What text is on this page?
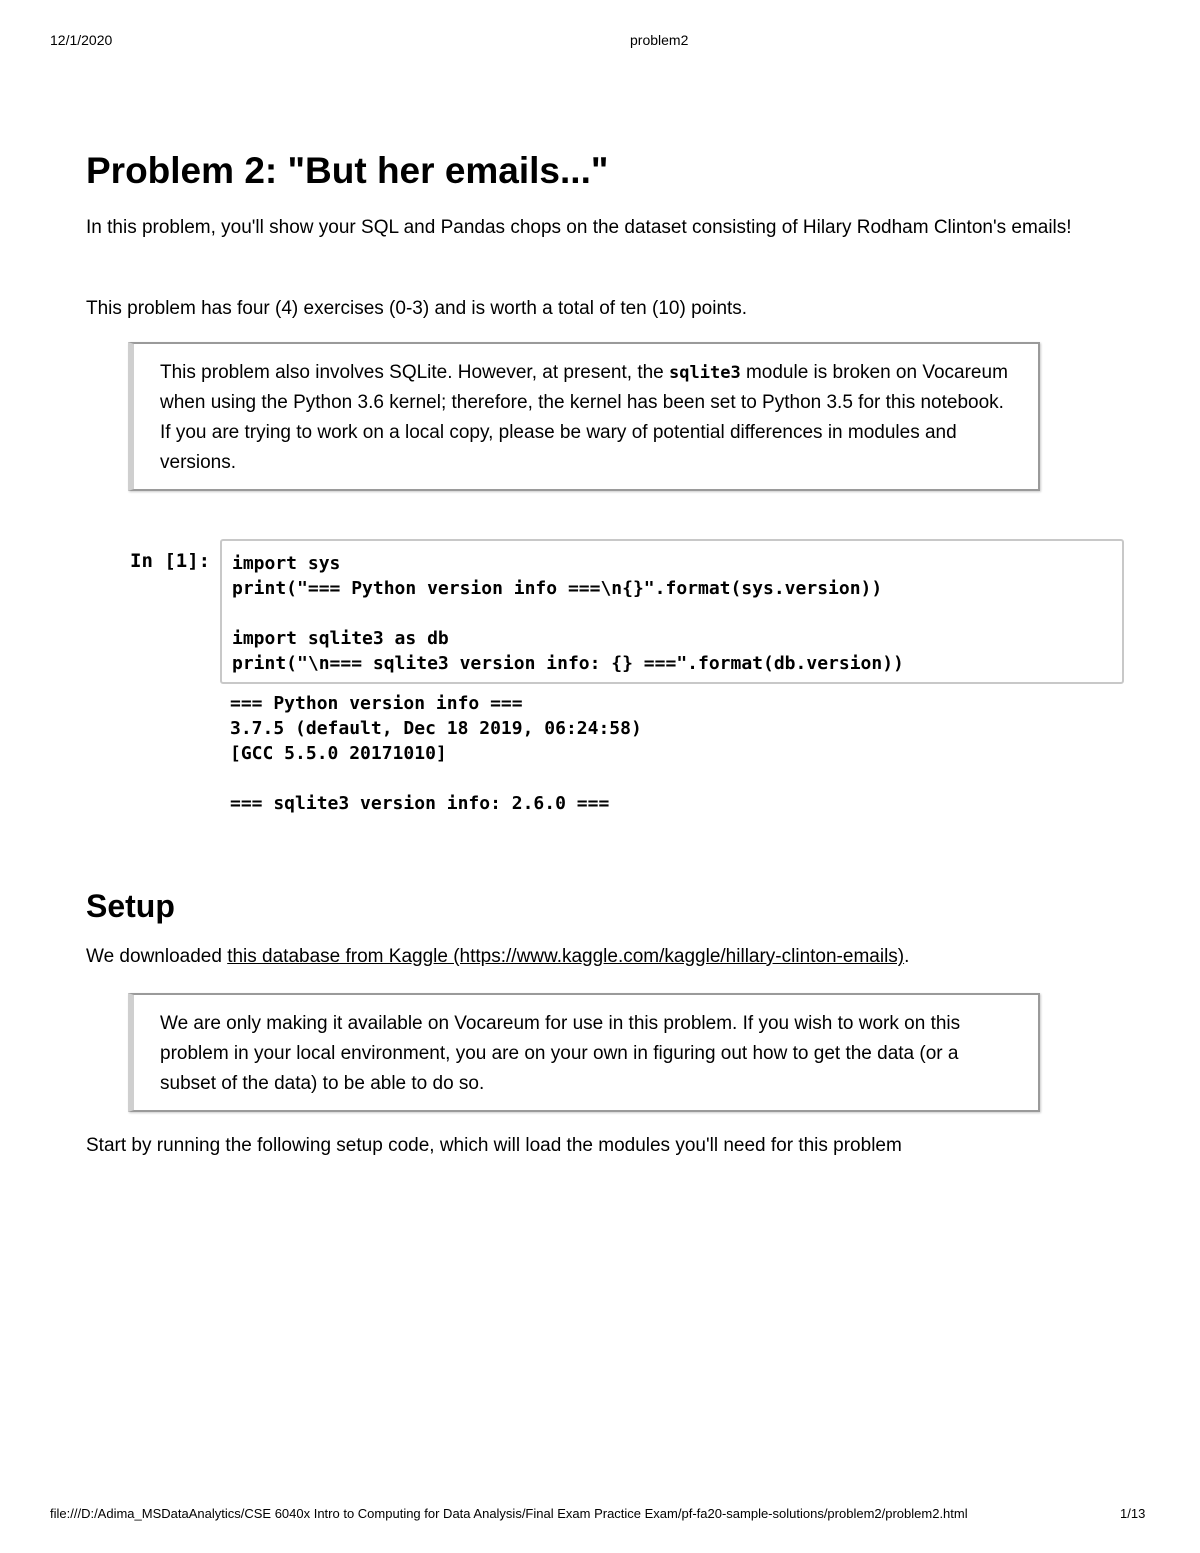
12/1/2020	problem2
Problem 2: "But her emails..."

In this problem, you'll show your SQL and Pandas chops on the dataset consisting of Hilary Rodham Clinton's emails!

This problem has four (4) exercises (0-3) and is worth a total of ten (10) points.

This problem also involves SQLite. However, at present, the sqlite3 module is broken on Vocareum when using the Python 3.6 kernel; therefore, the kernel has been set to Python 3.5 for this notebook. If you are trying to work on a local copy, please be wary of potential differences in modules and versions.
In [1]: import sys
print("=== Python version info ===\n{}".format(sys.version))
import sqlite3 as db
print("\n=== sqlite3 version info: {} ===".format(db.version))
=== Python version info ===
3.7.5 (default, Dec 18 2019, 06:24:58)
[GCC 5.5.0 20171010]
=== sqlite3 version info: 2.6.0 ===
Setup

We downloaded this database from Kaggle (https://www.kaggle.com/kaggle/hillary-clinton-emails).

We are only making it available on Vocareum for use in this problem. If you wish to work on this problem in your local environment, you are on your own in figuring out how to get the data (or a subset of the data) to be able to do so.

Start by running the following setup code, which will load the modules you'll need for this problem

file:///D:/Adima_MSDataAnalytics/CSE 6040x Intro to Computing for Data Analysis/Final Exam Practice Exam/pf-fa20-sample-solutions/problem2/problem2.html	1/13
